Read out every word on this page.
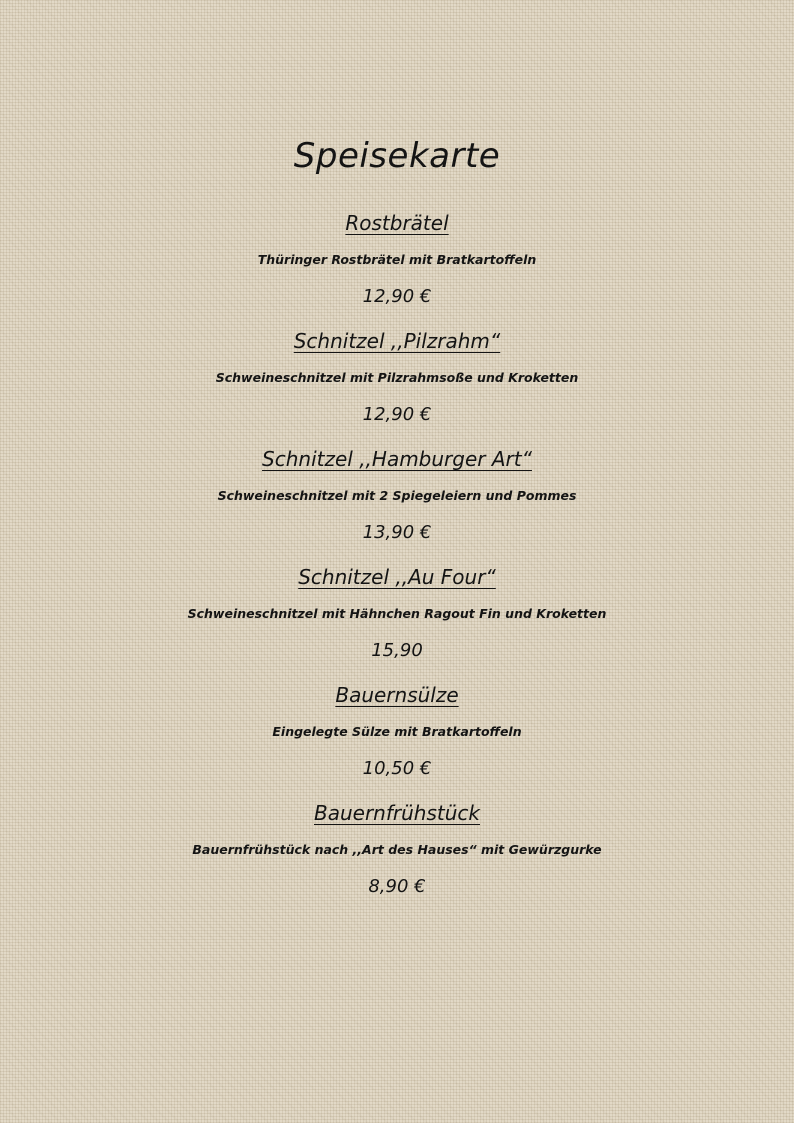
Speisekarte
Rostbrätel
Thüringer Rostbrätel mit Bratkartoffeln
12,90 €
Schnitzel ,,Pilzrahm“
Schweineschnitzel mit Pilzrahmsoße und Kroketten
12,90 €
Schnitzel ,,Hamburger Art“
Schweineschnitzel mit 2 Spiegeleiern und Pommes
13,90 €
Schnitzel ,,Au Four“
Schweineschnitzel mit Hähnchen Ragout Fin und Kroketten
15,90
Bauernsülze
Eingelegte Sülze mit Bratkartoffeln
10,50 €
Bauernfrühstück
Bauernfrühstück nach ,,Art des Hauses“ mit Gewürzgurke
8,90 €
